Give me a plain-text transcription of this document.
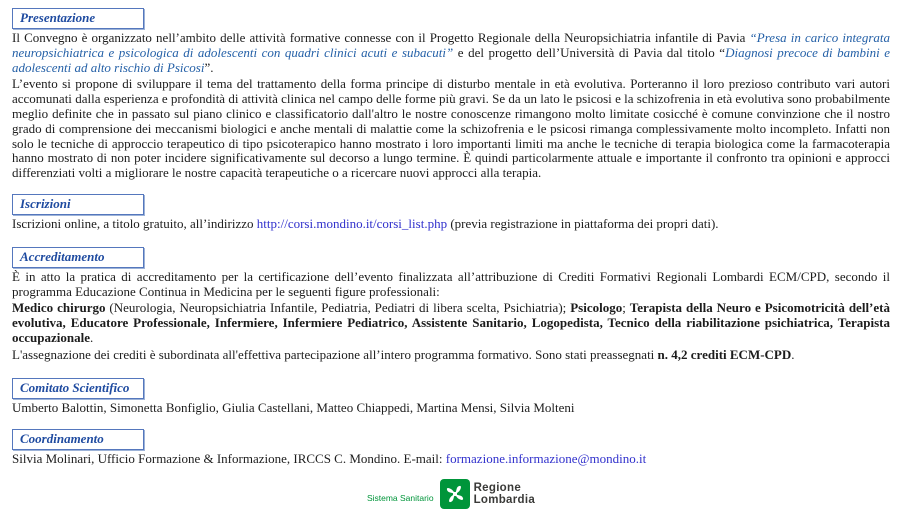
Presentazione
Il Convegno è organizzato nell’ambito delle attività formative connesse con il Progetto Regionale della Neuropsichiatria infantile di Pavia “Presa in carico integrata neuropsichiatrica e psicologica di adolescenti con quadri clinici acuti e subacuti” e del progetto dell’Università di Pavia dal titolo “Diagnosi precoce di bambini e adolescenti ad alto rischio di Psicosi”.
L’evento si propone di sviluppare il tema del trattamento della forma principe di disturbo mentale in età evolutiva. Porteranno il loro prezioso contributo vari autori accomunati dalla esperienza e profondità di attività clinica nel campo delle forme più gravi. Se da un lato le psicosi e la schizofrenia in età evolutiva sono probabilmente meglio definite che in passato sul piano clinico e classificatorio dall'altro le nostre conoscenze rimangono molto limitate cosicché è comune convinzione che il nostro grado di comprensione dei meccanismi biologici e anche mentali di malattie come la schizofrenia e le psicosi rimanga complessivamente molto incompleto. Infatti non solo le tecniche di approccio terapeutico di tipo psicoterapico hanno mostrato i loro importanti limiti ma anche le tecniche di terapia biologica come la farmacoterapia hanno mostrato di non poter incidere significativamente sul decorso a lungo termine. È quindi particolarmente attuale e importante il confronto tra opinioni e approcci differenziati volti a migliorare le nostre capacità terapeutiche o a ricercare nuovi approcci alla terapia.
Iscrizioni
Iscrizioni online, a titolo gratuito, all’indirizzo http://corsi.mondino.it/corsi_list.php (previa registrazione in piattaforma dei propri dati).
Accreditamento
È in atto la pratica di accreditamento per la certificazione dell’evento finalizzata all’attribuzione di Crediti Formativi Regionali Lombardi ECM/CPD, secondo il programma Educazione Continua in Medicina per le seguenti figure professionali:
Medico chirurgo (Neurologia, Neuropsichiatria Infantile, Pediatria, Pediatri di libera scelta, Psichiatria); Psicologo; Terapista della Neuro e Psicomotricità dell’età evolutiva, Educatore Professionale, Infermiere, Infermiere Pediatrico, Assistente Sanitario, Logopedista, Tecnico della riabilitazione psichiatrica, Terapista occupazionale.
L'assegnazione dei crediti è subordinata all'effettiva partecipazione all’intero programma formativo. Sono stati preassegnati n. 4,2 crediti ECM-CPD.
Comitato Scientifico
Umberto Balottin, Simonetta Bonfiglio, Giulia Castellani, Matteo Chiappedi, Martina Mensi, Silvia Molteni
Coordinamento
Silvia Molinari, Ufficio Formazione & Informazione, IRCCS C. Mondino. E-mail: formazione.informazione@mondino.it
Sistema Sanitario
Regione
Lombardia
